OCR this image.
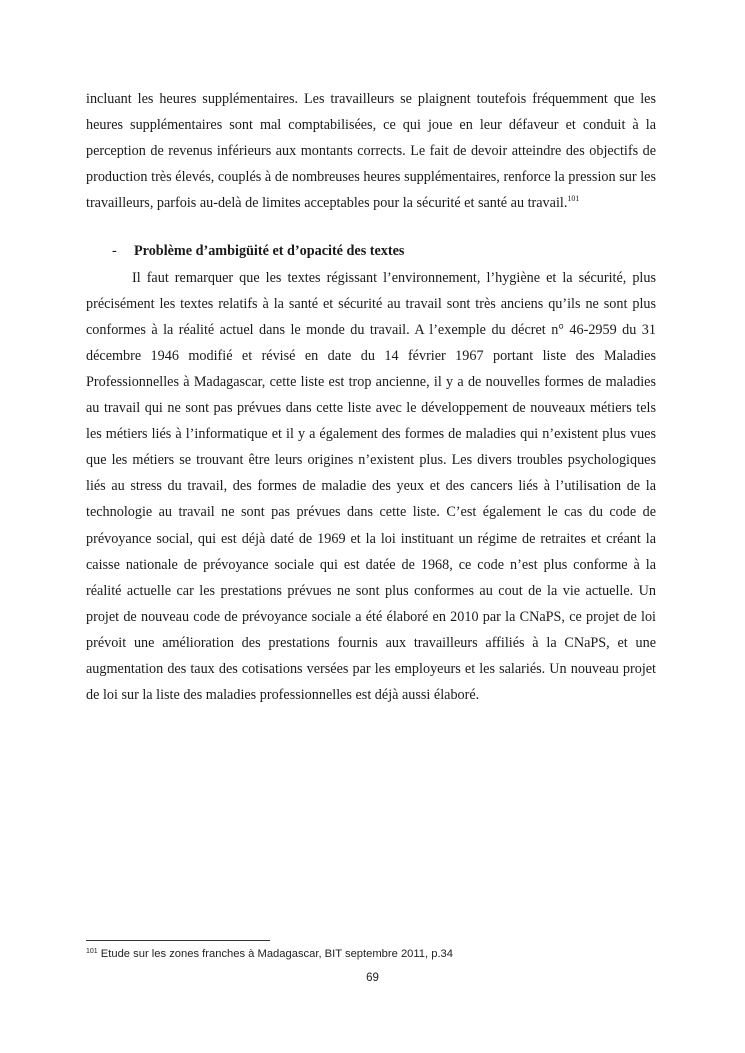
incluant les heures supplémentaires. Les travailleurs se plaignent toutefois fréquemment que les heures supplémentaires sont mal comptabilisées, ce qui joue en leur défaveur et conduit à la perception de revenus inférieurs aux montants corrects. Le fait de devoir atteindre des objectifs de production très élevés, couplés à de nombreuses heures supplémentaires, renforce la pression sur les travailleurs, parfois au-delà de limites acceptables pour la sécurité et santé au travail.$^{101}$

-	Problème d’ambigüité et d’opacité des textes

Il faut remarquer que les textes régissant l’environnement, l’hygiène et la sécurité, plus précisément les textes relatifs à la santé et sécurité au travail sont très anciens qu’ils ne sont plus conformes à la réalité actuel dans le monde du travail. A l’exemple du décret n° 46-2959 du 31 décembre 1946 modifié et révisé en date du 14 février 1967 portant liste des Maladies Professionnelles à Madagascar, cette liste est trop ancienne, il y a de nouvelles formes de maladies au travail qui ne sont pas prévues dans cette liste avec le développement de nouveaux métiers tels les métiers liés à l’informatique et il y a également des formes de maladies qui n’existent plus vues que les métiers se trouvant être leurs origines n’existent plus. Les divers troubles psychologiques liés au stress du travail, des formes de maladie des yeux et des cancers liés à l’utilisation de la technologie au travail ne sont pas prévues dans cette liste. C’est également le cas du code de prévoyance social, qui est déjà daté de 1969 et la loi instituant un régime de retraites et créant la caisse nationale de prévoyance sociale qui est datée de 1968, ce code n’est plus conforme à la réalité actuelle car les prestations prévues ne sont plus conformes au cout de la vie actuelle. Un projet de nouveau code de prévoyance sociale a été élaboré en 2010 par la CNaPS, ce projet de loi prévoit une amélioration des prestations fournis aux travailleurs affiliés à la CNaPS, et une augmentation des taux des cotisations versées par les employeurs et les salariés. Un nouveau projet de loi sur la liste des maladies professionnelles est déjà aussi élaboré.

$^{101}$ Etude sur les zones franches à Madagascar, BIT septembre 2011, p.34
69
